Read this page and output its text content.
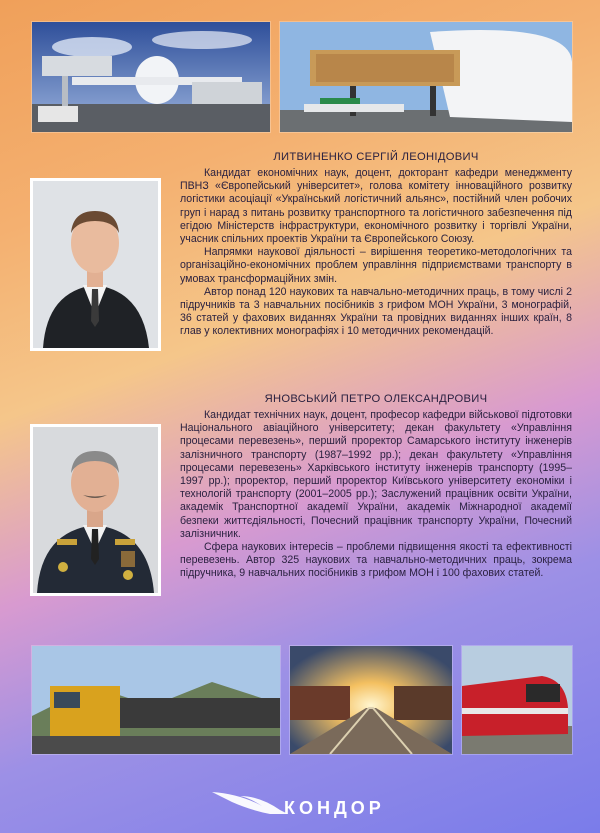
ЛИТВИНЕНКО СЕРГІЙ ЛЕОНІДОВИЧ

Кандидат економічних наук, доцент, докторант кафедри менеджменту ПВНЗ «Європейський університет», голова комітету інноваційного розвитку логістики асоціації «Український логістичний альянс», постійний член робочих груп і нарад з питань розвитку транспортного та логістичного забезпечення під егідою Міністерств інфраструктури, економічного розвитку і торгівлі України, учасник спільних проектів України та Європейського Союзу.

Напрямки наукової діяльності – вирішення теоретико-методологічних та організаційно-економічних проблем управління підприємствами транспорту в умовах трансформаційних змін.

Автор понад 120 наукових та навчально-методичних праць, в тому числі 2 підручників та 3 навчальних посібників з грифом МОН України, 3 монографій, 36 статей у фахових виданнях України та провідних виданнях інших країн, 8 глав у колективних монографіях і 10 методичних рекомендацій.

ЯНОВСЬКИЙ ПЕТРО ОЛЕКСАНДРОВИЧ

Кандидат технічних наук, доцент, професор кафедри військової підготовки Національного авіаційного університету; декан факультету «Управління процесами перевезень», перший проректор Самарського інституту інженерів залізничного транспорту (1987–1992 рр.); декан факультету «Управління процесами перевезень» Харківського інституту інженерів транспорту (1995–1997 рр.); проректор, перший проректор Київського університету економіки і технологій транспорту (2001–2005 рр.); Заслужений працівник освіти України, академік Транспортної академії України, академік Міжнародної академії безпеки життєдіяльності, Почесний працівник транспорту України, Почесний залізничник.

Сфера наукових інтересів – проблеми підвищення якості та ефективності перевезень. Автор 325 наукових та навчально-методичних праць, зокрема підручника, 9 навчальних посібників з грифом МОН і 100 фахових статей.

КОНДОР
